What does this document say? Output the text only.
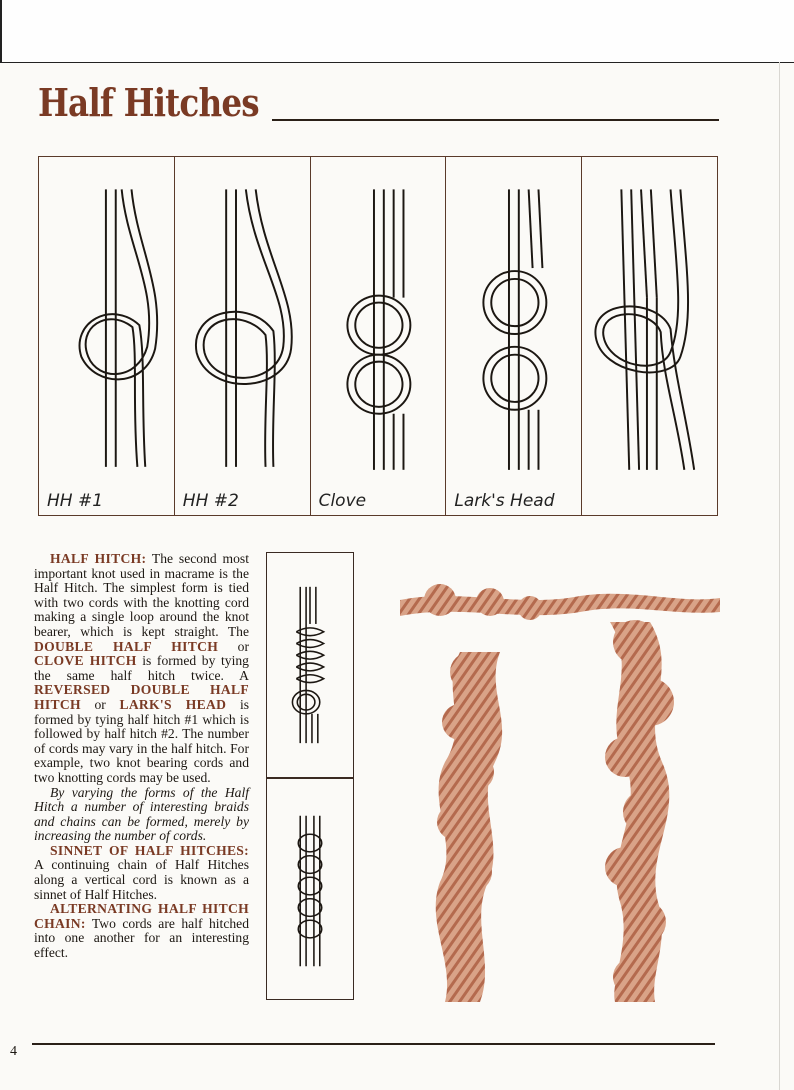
Half Hitches
HH #1	HH #2	Clove	Lark's Head

HALF HITCH: The second most important knot used in macrame is the Half Hitch. The simplest form is tied with two cords with the knotting cord making a single loop around the knot bearer, which is kept straight. The DOUBLE HALF HITCH or CLOVE HITCH is formed by tying the same half hitch twice. A REVERSED DOUBLE HALF HITCH or LARK'S HEAD is formed by tying half hitch #1 which is followed by half hitch #2. The number of cords may vary in the half hitch. For example, two knot bearing cords and two knotting cords may be used.

By varying the forms of the Half Hitch a number of interesting braids and chains can be formed, merely by increasing the number of cords.

SINNET OF HALF HITCHES: A continuing chain of Half Hitches along a vertical cord is known as a sinnet of Half Hitches.

ALTERNATING HALF HITCH CHAIN: Two cords are half hitched into one another for an interesting effect.

4
